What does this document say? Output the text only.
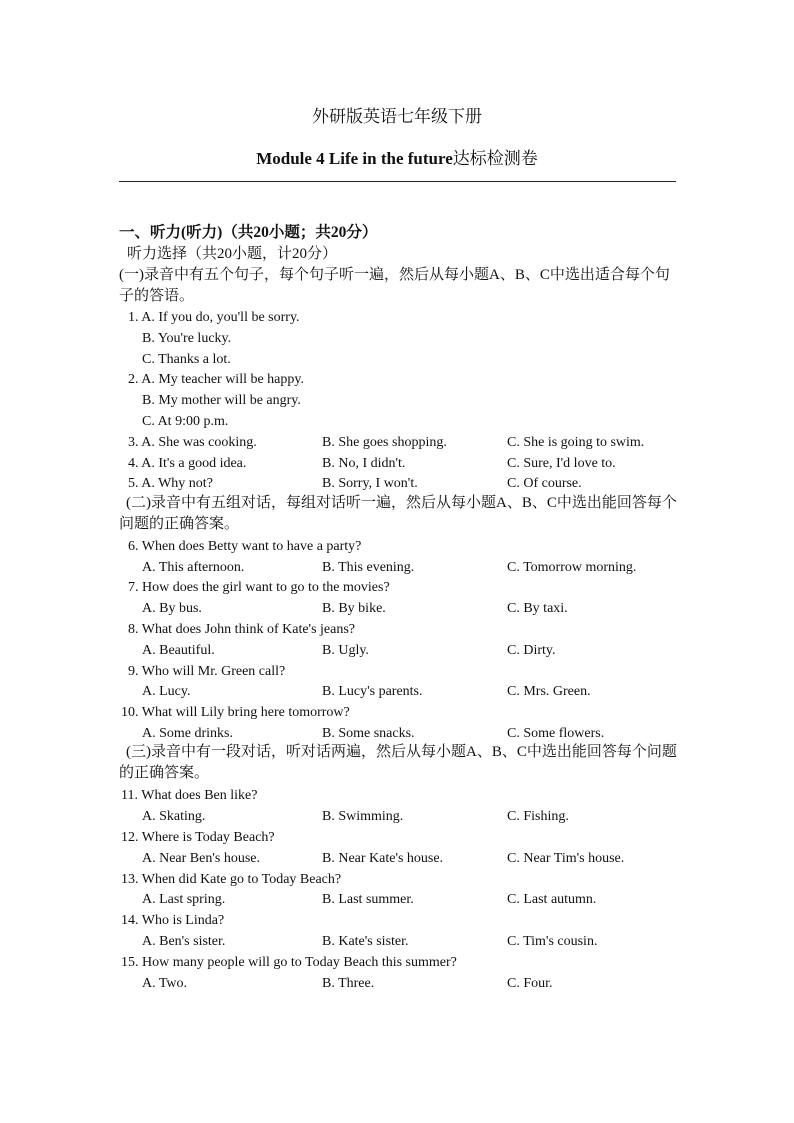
外研版英语七年级下册
Module 4 Life in the future达标检测卷
一、听力(听力)（共20小题；共20分）
听力选择（共20小题，计20分）
(一)录音中有五个句子，每个句子听一遍，然后从每小题A、B、C中选出适合每个句子的答语。
1. A. If you do, you'll be sorry.
B. You're lucky.
C. Thanks a lot.
2. A. My teacher will be happy.
B. My mother will be angry.
C. At 9:00 p.m.
3. A. She was cooking.	B. She goes shopping.	C. She is going to swim.
4. A. It's a good idea.	B. No, I didn't.	C. Sure, I'd love to.
5. A. Why not?	B. Sorry, I won't.	C. Of course.
(二)录音中有五组对话，每组对话听一遍，然后从每小题A、B、C中选出能回答每个问题的正确答案。
6. When does Betty want to have a party?
A. This afternoon.	B. This evening.	C. Tomorrow morning.
7. How does the girl want to go to the movies?
A. By bus.	B. By bike.	C. By taxi.
8. What does John think of Kate's jeans?
A. Beautiful.	B. Ugly.	C. Dirty.
9. Who will Mr. Green call?
A. Lucy.	B. Lucy's parents.	C. Mrs. Green.
10. What will Lily bring here tomorrow?
A. Some drinks.	B. Some snacks.	C. Some flowers.
(三)录音中有一段对话，听对话两遍，然后从每小题A、B、C中选出能回答每个问题的正确答案。
11. What does Ben like?
A. Skating.	B. Swimming.	C. Fishing.
12. Where is Today Beach?
A. Near Ben's house.	B. Near Kate's house.	C. Near Tim's house.
13. When did Kate go to Today Beach?
A. Last spring.	B. Last summer.	C. Last autumn.
14. Who is Linda?
A. Ben's sister.	B. Kate's sister.	C. Tim's cousin.
15. How many people will go to Today Beach this summer?
A. Two.	B. Three.	C. Four.
